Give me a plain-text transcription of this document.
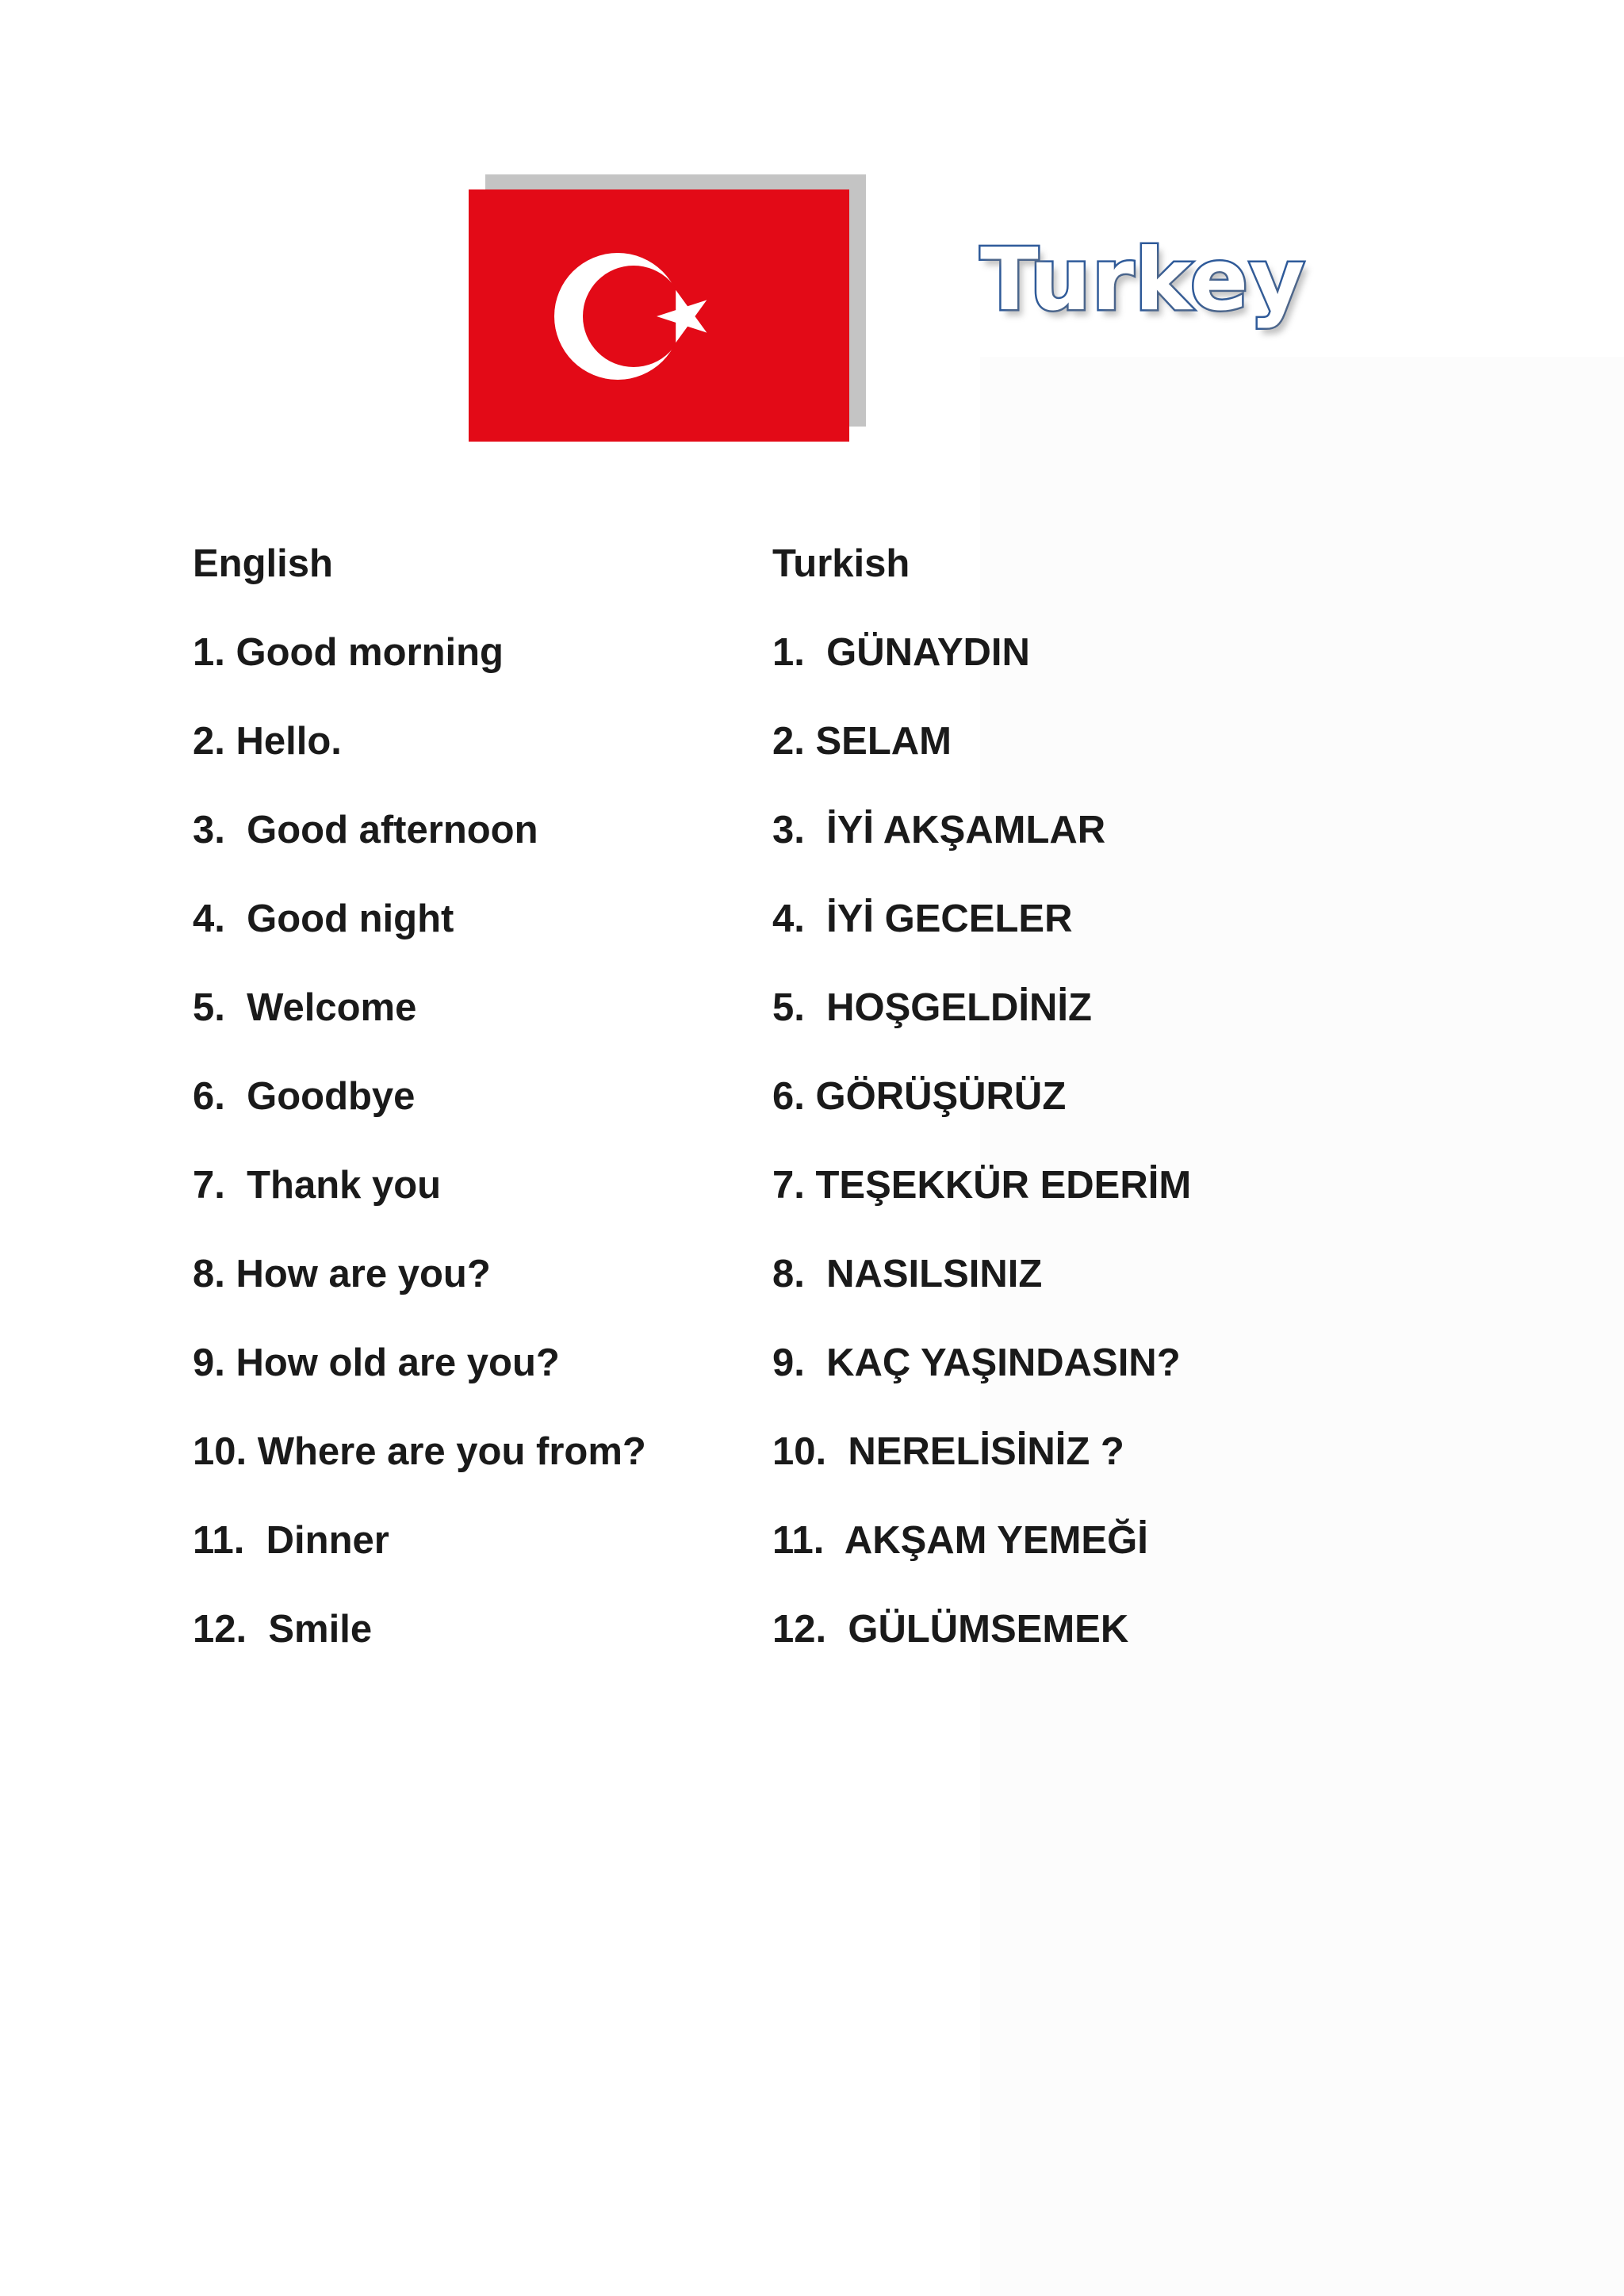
Turkey
English	Turkish
1. Good morning	1.  GÜNAYDIN
2. Hello.	2. SELAM
3.  Good afternoon	3.  İYİ AKŞAMLAR
4.  Good night	4.  İYİ GECELER
5.  Welcome	5.  HOŞGELDİNİZ
6.  Goodbye	6. GÖRÜŞÜRÜZ
7.  Thank you	7. TEŞEKKÜR EDERİM
8. How are you?	8.  NASILSINIZ
9. How old are you?	9.  KAÇ YAŞINDASIN?
10. Where are you from?	10.  NERELİSİNİZ ?
11.  Dinner	11.  AKŞAM YEMEĞİ
12.  Smile	12.  GÜLÜMSEMEK
